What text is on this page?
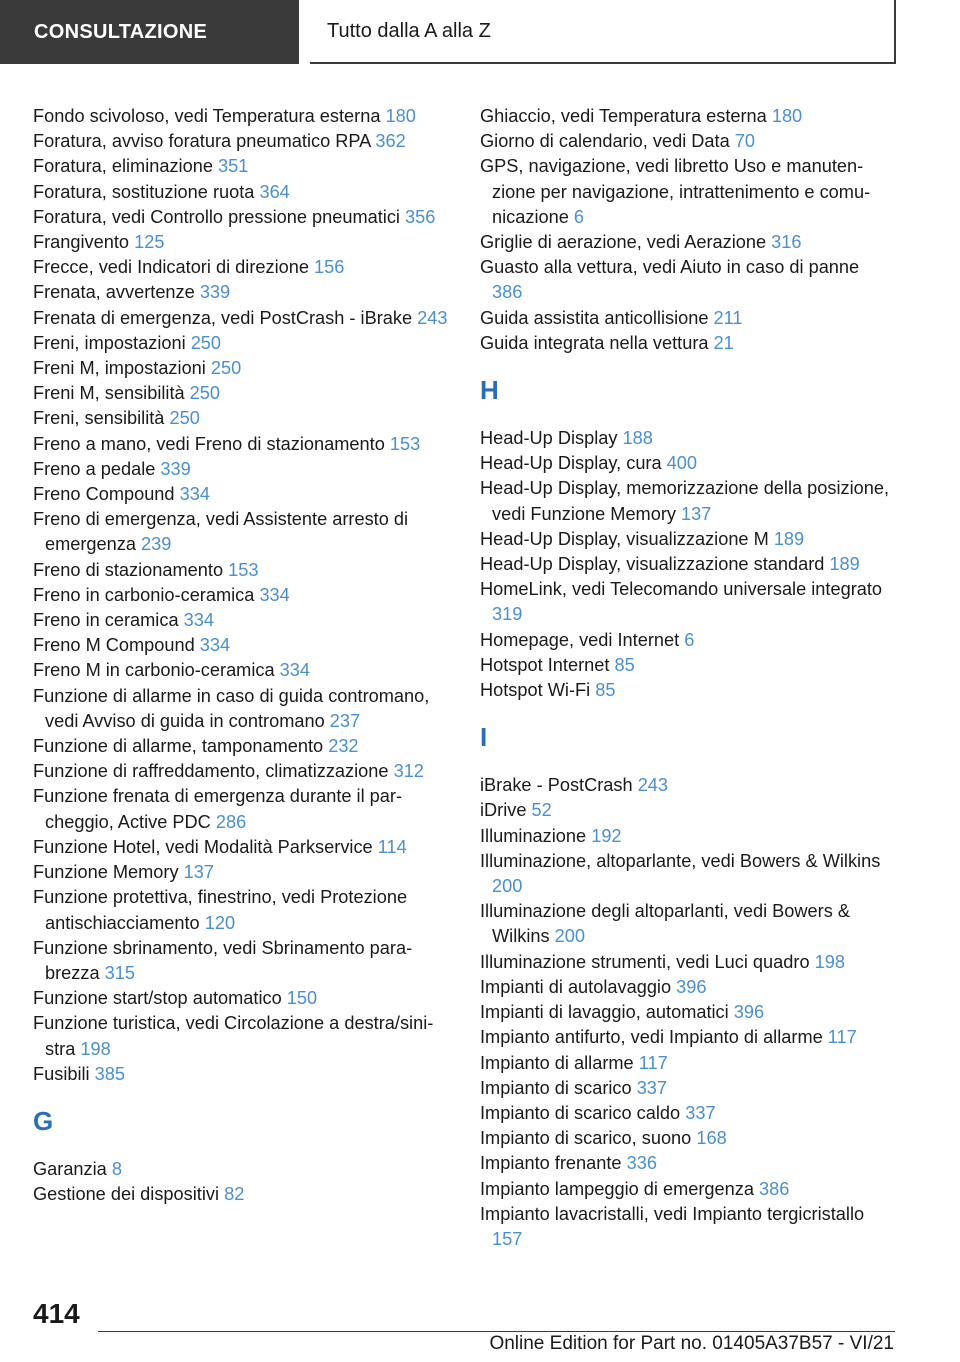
CONSULTAZIONE	Tutto dalla A alla Z
Fondo scivoloso, vedi Temperatura esterna 180
Foratura, avviso foratura pneumatico RPA 362
Foratura, eliminazione 351
Foratura, sostituzione ruota 364
Foratura, vedi Controllo pressione pneumatici 356
Frangivento 125
Frecce, vedi Indicatori di direzione 156
Frenata, avvertenze 339
Frenata di emergenza, vedi PostCrash - iBrake 243
Freni, impostazioni 250
Freni M, impostazioni 250
Freni M, sensibilità 250
Freni, sensibilità 250
Freno a mano, vedi Freno di stazionamento 153
Freno a pedale 339
Freno Compound 334
Freno di emergenza, vedi Assistente arresto di emergenza 239
Freno di stazionamento 153
Freno in carbonio-ceramica 334
Freno in ceramica 334
Freno M Compound 334
Freno M in carbonio-ceramica 334
Funzione di allarme in caso di guida contromano, vedi Avviso di guida in contromano 237
Funzione di allarme, tamponamento 232
Funzione di raffreddamento, climatizzazione 312
Funzione frenata di emergenza durante il parcheggio, Active PDC 286
Funzione Hotel, vedi Modalità Parkservice 114
Funzione Memory 137
Funzione protettiva, finestrino, vedi Protezione antischiacciamento 120
Funzione sbrinamento, vedi Sbrinamento parabrezza 315
Funzione start/stop automatico 150
Funzione turistica, vedi Circolazione a destra/sinistra 198
Fusibili 385
G
Garanzia 8
Gestione dei dispositivi 82
Ghiaccio, vedi Temperatura esterna 180
Giorno di calendario, vedi Data 70
GPS, navigazione, vedi libretto Uso e manutenzione per navigazione, intrattenimento e comunicazione 6
Griglie di aerazione, vedi Aerazione 316
Guasto alla vettura, vedi Aiuto in caso di panne 386
Guida assistita anticollisione 211
Guida integrata nella vettura 21
H
Head-Up Display 188
Head-Up Display, cura 400
Head-Up Display, memorizzazione della posizione, vedi Funzione Memory 137
Head-Up Display, visualizzazione M 189
Head-Up Display, visualizzazione standard 189
HomeLink, vedi Telecomando universale integrato 319
Homepage, vedi Internet 6
Hotspot Internet 85
Hotspot Wi-Fi 85
I
iBrake - PostCrash 243
iDrive 52
Illuminazione 192
Illuminazione, altoparlante, vedi Bowers & Wilkins 200
Illuminazione degli altoparlanti, vedi Bowers & Wilkins 200
Illuminazione strumenti, vedi Luci quadro 198
Impianti di autolavaggio 396
Impianti di lavaggio, automatici 396
Impianto antifurto, vedi Impianto di allarme 117
Impianto di allarme 117
Impianto di scarico 337
Impianto di scarico caldo 337
Impianto di scarico, suono 168
Impianto frenante 336
Impianto lampeggio di emergenza 386
Impianto lavacristalli, vedi Impianto tergicristallo 157
414
Online Edition for Part no. 01405A37B57 - VI/21
